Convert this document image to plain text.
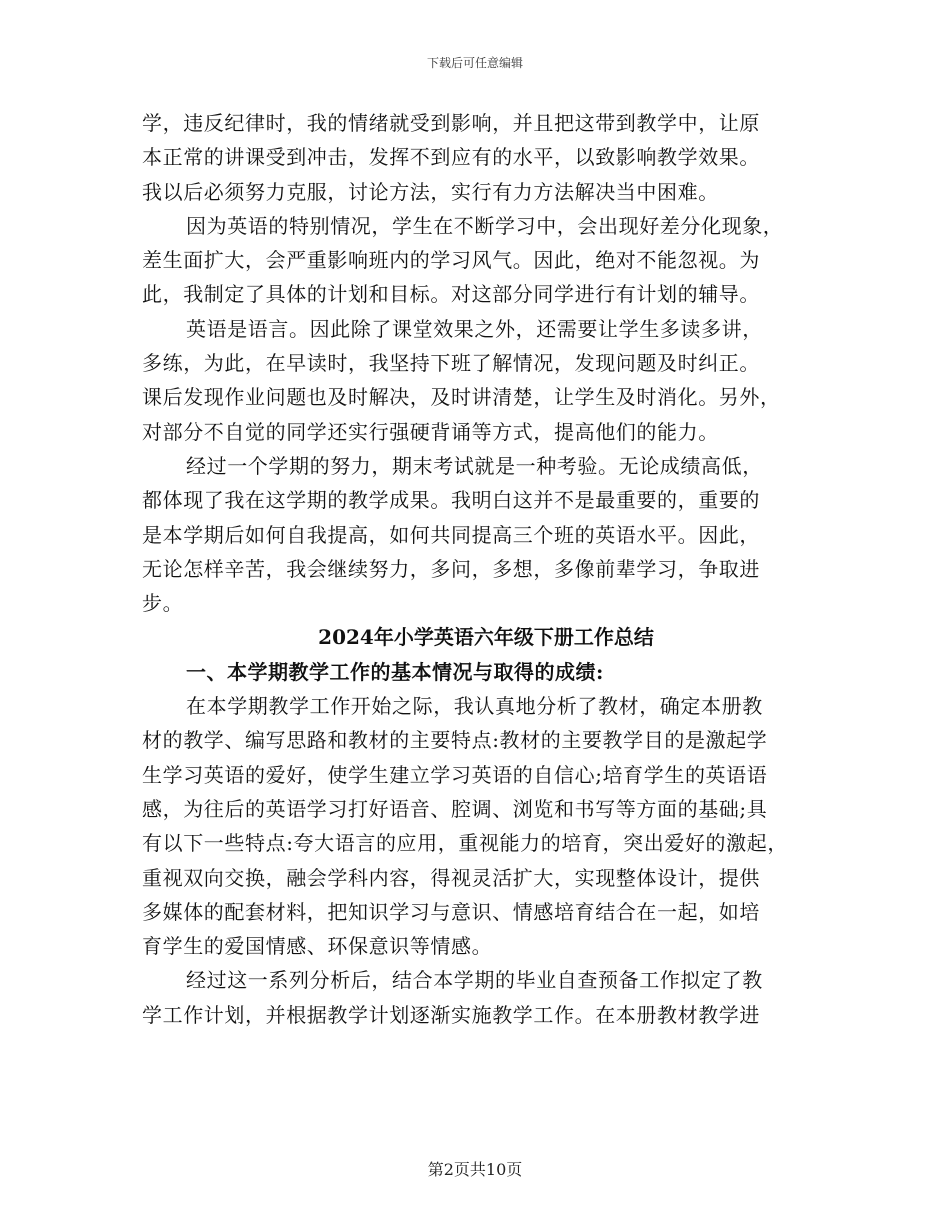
下载后可任意编辑
学，违反纪律时，我的情绪就受到影响，并且把这带到教学中，让原
本正常的讲课受到冲击，发挥不到应有的水平，以致影响教学效果。
我以后必须努力克服，讨论方法，实行有力方法解决当中困难。
因为英语的特别情况，学生在不断学习中，会出现好差分化现象，
差生面扩大，会严重影响班内的学习风气。因此，绝对不能忽视。为
此，我制定了具体的计划和目标。对这部分同学进行有计划的辅导。
英语是语言。因此除了课堂效果之外，还需要让学生多读多讲，
多练，为此，在早读时，我坚持下班了解情况，发现问题及时纠正。
课后发现作业问题也及时解决，及时讲清楚，让学生及时消化。另外，
对部分不自觉的同学还实行强硬背诵等方式，提高他们的能力。
经过一个学期的努力，期末考试就是一种考验。无论成绩高低，
都体现了我在这学期的教学成果。我明白这并不是最重要的，重要的
是本学期后如何自我提高，如何共同提高三个班的英语水平。因此，
无论怎样辛苦，我会继续努力，多问，多想，多像前辈学习，争取进
步。
2024年小学英语六年级下册工作总结
一、本学期教学工作的基本情况与取得的成绩:
在本学期教学工作开始之际，我认真地分析了教材，确定本册教
材的教学、编写思路和教材的主要特点:教材的主要教学目的是激起学
生学习英语的爱好，使学生建立学习英语的自信心;培育学生的英语语
感，为往后的英语学习打好语音、腔调、浏览和书写等方面的基础;具
有以下一些特点:夸大语言的应用，重视能力的培育，突出爱好的激起，
重视双向交换，融会学科内容，得视灵活扩大，实现整体设计，提供
多媒体的配套材料，把知识学习与意识、情感培育结合在一起，如培
育学生的爱国情感、环保意识等情感。
经过这一系列分析后，结合本学期的毕业自查预备工作拟定了教
学工作计划，并根据教学计划逐渐实施教学工作。在本册教材教学进
第2页共10页
